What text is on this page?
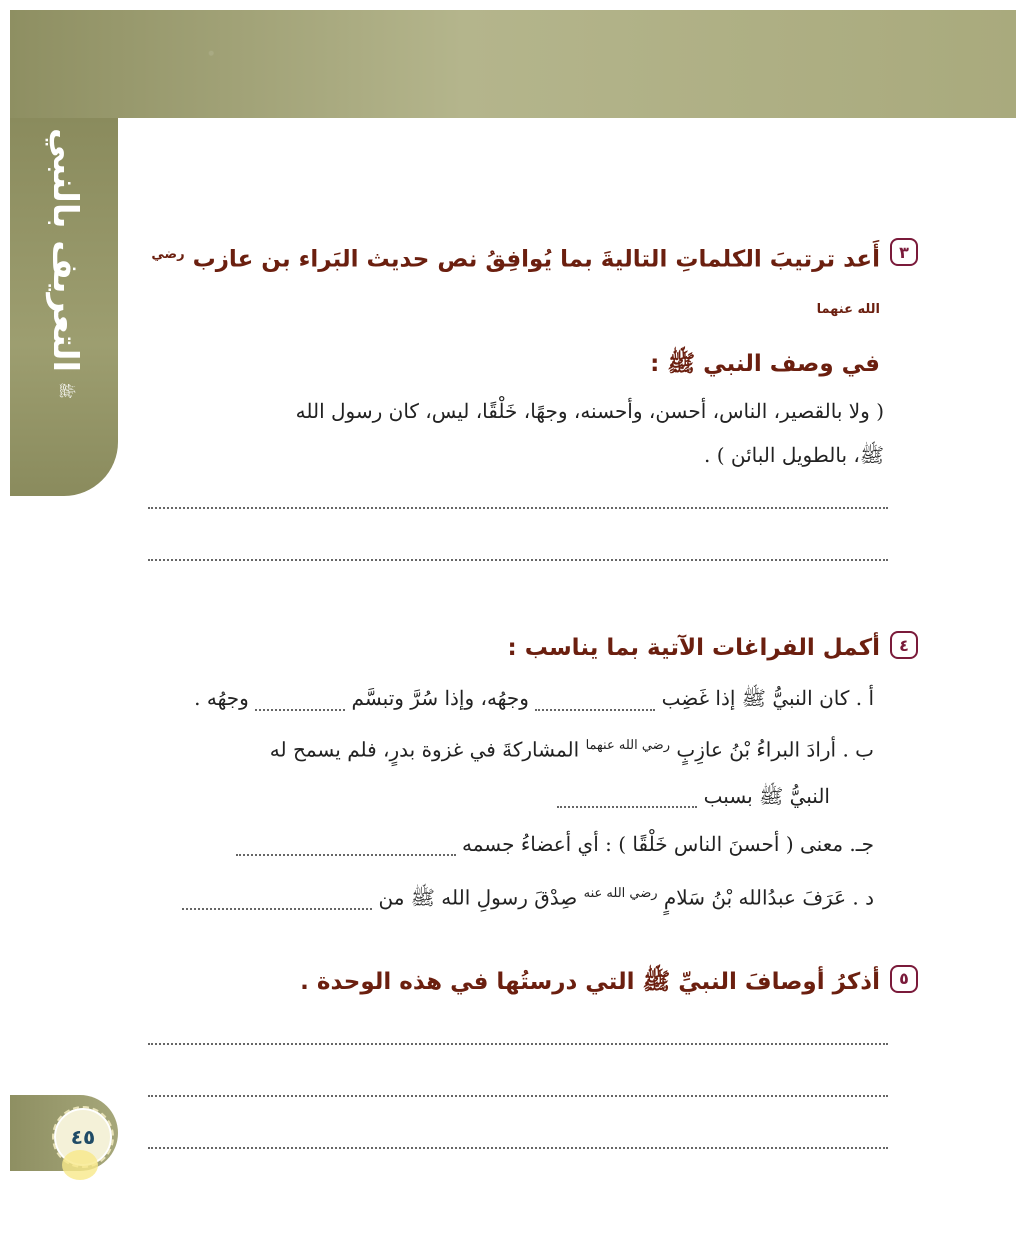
التعريف بالنبي
ﷺ
٤٥
٣
أَعد ترتيبَ الكلماتِ التاليةَ بما يُوافِقُ نص حديث البَراء بن عازب $^{رضي الله عنهما}$
في وصف النبي ﷺ :
( ولا بالقصير، الناس، أحسن، وأحسنه، وجهًا، خَلْقًا، ليس، كان رسول الله
ﷺ، بالطويل البائن ) .
٤
أكمل الفراغات الآتية بما يناسب :
أ . كان النبيُّ ﷺ إذا غَضِب  وجهُه، وإذا سُرَّ وتبسَّم  وجهُه .
ب . أرادَ البراءُ بْنُ عازِبٍ $^{رضي الله عنهما}$ المشاركةَ في غزوة بدرٍ، فلم يسمح له
النبيُّ ﷺ بسبب
جـ. معنى ( أحسنَ الناس خَلْقًا ) : أي أعضاءُ جسمه
د . عَرَفَ عبدُالله بْنُ سَلامٍ $^{رضي الله عنه}$ صِدْقَ رسولِ الله ﷺ من
٥
أذكرُ أوصافَ النبيِّ ﷺ التي درستُها في هذه الوحدة .
